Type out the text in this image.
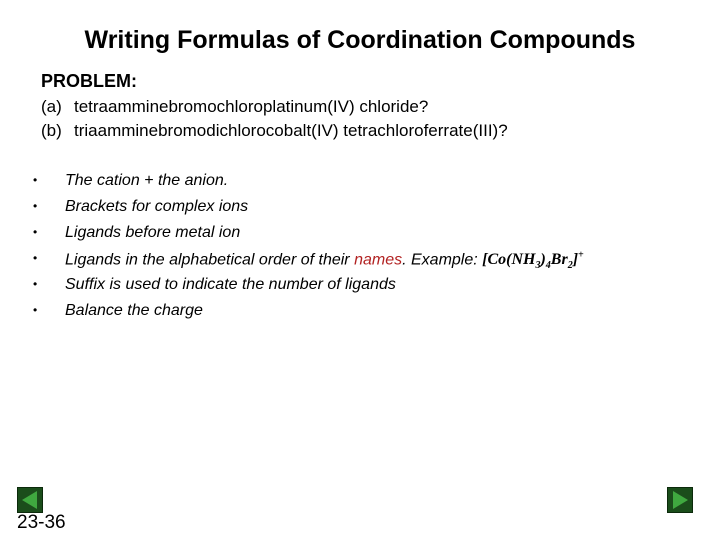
Writing Formulas of Coordination Compounds
PROBLEM:
(a) tetraamminebromochloroplatinum(IV) chloride?
(b) triaamminebromodichlorocobalt(IV) tetrachloroferrate(III)?
• The cation + the anion.
• Brackets for complex ions
• Ligands before metal ion
• Ligands in the alphabetical order of their names. Example: $[Co(NH_3)_4Br_2]^+$
• Suffix is used to indicate the number of ligands
• Balance the charge
23-36
